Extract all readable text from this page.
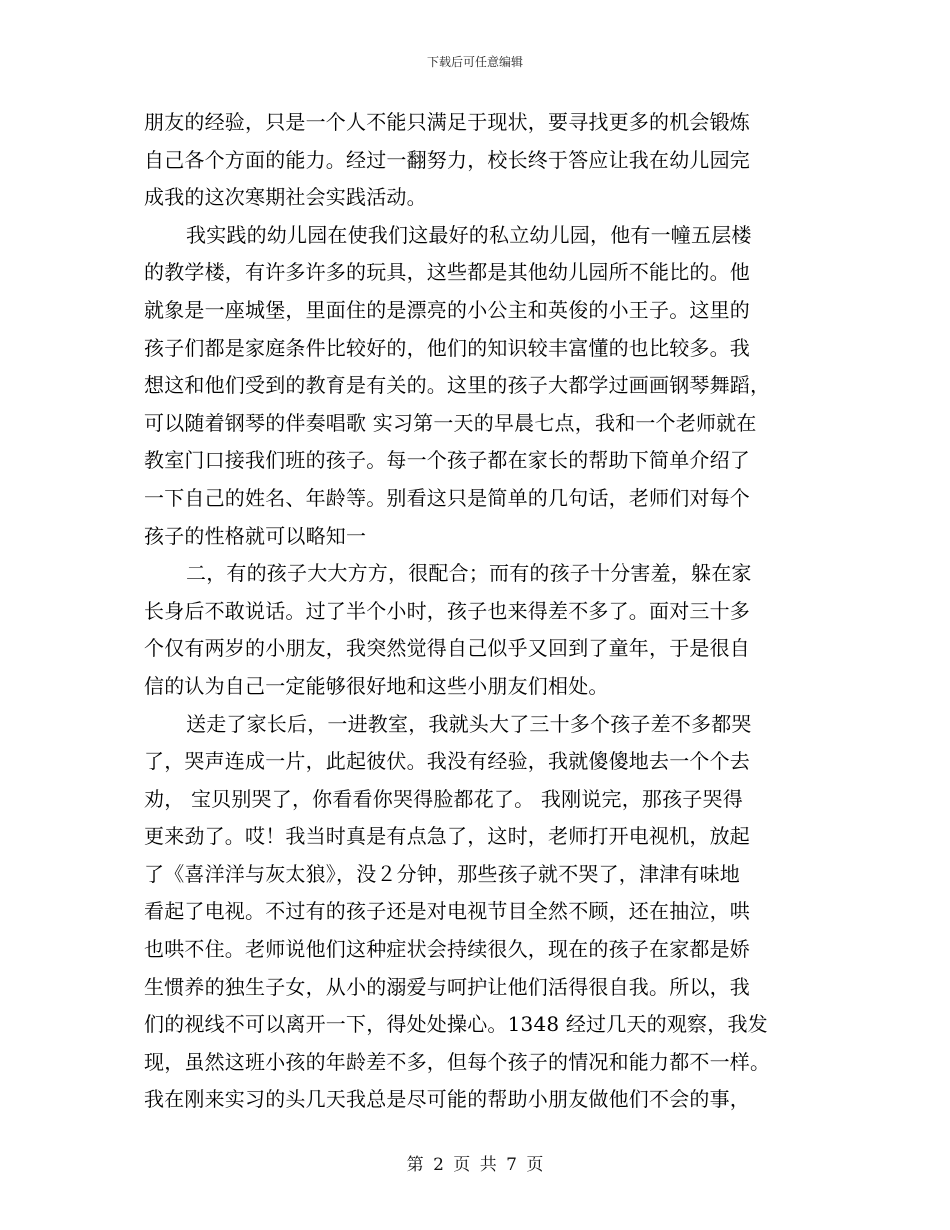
下载后可任意编辑

朋友的经验，只是一个人不能只满足于现状，要寻找更多的机会锻炼
自己各个方面的能力。经过一翻努力，校长终于答应让我在幼儿园完
成我的这次寒期社会实践活动。

我实践的幼儿园在使我们这最好的私立幼儿园，他有一幢五层楼
的教学楼，有许多许多的玩具，这些都是其他幼儿园所不能比的。他
就象是一座城堡，里面住的是漂亮的小公主和英俊的小王子。这里的
孩子们都是家庭条件比较好的，他们的知识较丰富懂的也比较多。我
想这和他们受到的教育是有关的。这里的孩子大都学过画画钢琴舞蹈，
可以随着钢琴的伴奏唱歌 实习第一天的早晨七点，我和一个老师就在
教室门口接我们班的孩子。每一个孩子都在家长的帮助下简单介绍了
一下自己的姓名、年龄等。别看这只是简单的几句话，老师们对每个
孩子的性格就可以略知一

二，有的孩子大大方方，很配合；而有的孩子十分害羞，躲在家
长身后不敢说话。过了半个小时，孩子也来得差不多了。面对三十多
个仅有两岁的小朋友，我突然觉得自己似乎又回到了童年，于是很自
信的认为自己一定能够很好地和这些小朋友们相处。

送走了家长后，一进教室，我就头大了三十多个孩子差不多都哭
了，哭声连成一片，此起彼伏。我没有经验，我就傻傻地去一个个去
劝， 宝贝别哭了，你看看你哭得脸都花了。 我刚说完，那孩子哭得
更来劲了。哎！我当时真是有点急了，这时，老师打开电视机，放起
了《喜洋洋与灰太狼》，没２分钟，那些孩子就不哭了，津津有味地
看起了电视。不过有的孩子还是对电视节目全然不顾，还在抽泣，哄
也哄不住。老师说他们这种症状会持续很久，现在的孩子在家都是娇
生惯养的独生子女，从小的溺爱与呵护让他们活得很自我。所以，我
们的视线不可以离开一下，得处处操心。1348 经过几天的观察，我发
现，虽然这班小孩的年龄差不多，但每个孩子的情况和能力都不一样。
我在刚来实习的头几天我总是尽可能的帮助小朋友做他们不会的事，

第 2 页 共 7 页
